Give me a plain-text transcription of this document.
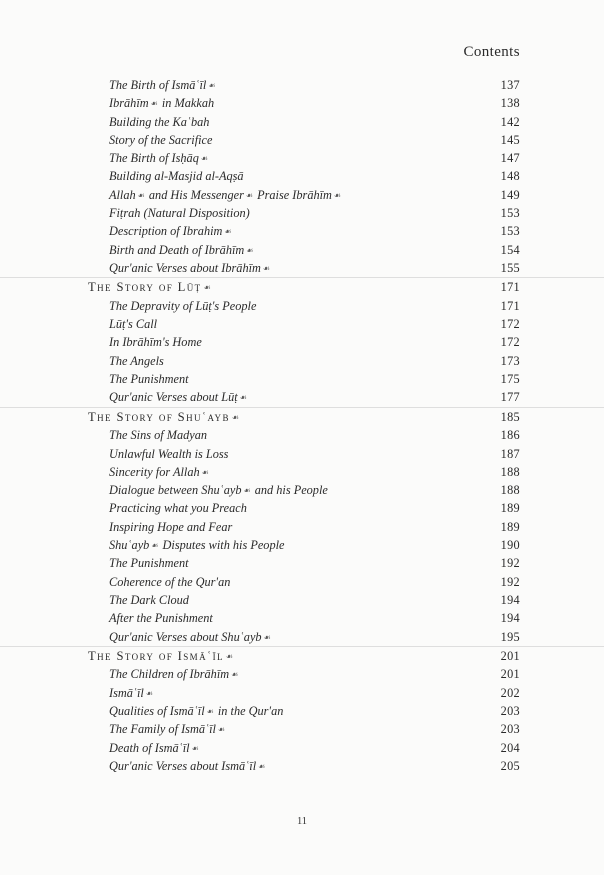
Contents
The Birth of Ismāʿīl ☙	137
Ibrāhīm ☙ in Makkah	138
Building the Kaʿbah	142
Story of the Sacrifice	145
The Birth of Isḥāq ☙	147
Building al-Masjid al-Aqṣā	148
Allah ☙ and His Messenger ☙ Praise Ibrāhīm ☙	149
Fiṭrah (Natural Disposition)	153
Description of Ibrahim ☙	153
Birth and Death of Ibrāhīm ☙	154
Qur'anic Verses about Ibrāhīm ☙	155
The Story of Lūṭ ☙	171
The Depravity of Lūṭ's People	171
Lūṭ's Call	172
In Ibrāhīm's Home	172
The Angels	173
The Punishment	175
Qur'anic Verses about Lūṭ ☙	177
The Story of Shuʿayb ☙	185
The Sins of Madyan	186
Unlawful Wealth is Loss	187
Sincerity for Allah ☙	188
Dialogue between Shuʿayb ☙ and his People	188
Practicing what you Preach	189
Inspiring Hope and Fear	189
Shuʿayb ☙ Disputes with his People	190
The Punishment	192
Coherence of the Qur'an	192
The Dark Cloud	194
After the Punishment	194
Qur'anic Verses about Shuʿayb ☙	195
The Story of Ismāʿīl ☙	201
The Children of Ibrāhīm ☙	201
Ismāʿīl ☙	202
Qualities of Ismāʿīl ☙ in the Qur'an	203
The Family of Ismāʿīl ☙	203
Death of Ismāʿīl ☙	204
Qur'anic Verses about Ismāʿīl ☙	205
11
